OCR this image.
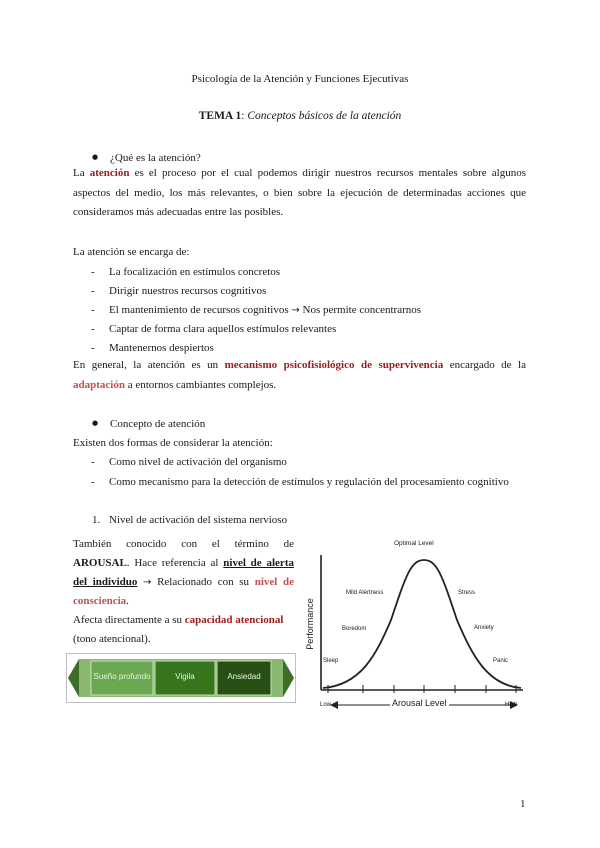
Psicología de la Atención y Funciones Ejecutivas
TEMA 1: Conceptos básicos de la atención
● ¿Qué es la atención?
La atención es el proceso por el cual podemos dirigir nuestros recursos mentales sobre algunos aspectos del medio, los más relevantes, o bien sobre la ejecución de determinadas acciones que consideramos más adecuadas entre las posibles.
La atención se encarga de:
- La focalización en estímulos concretos
- Dirigir nuestros recursos cognitivos
- El mantenimiento de recursos cognitivos → Nos permite concentrarnos
- Captar de forma clara aquellos estímulos relevantes
- Mantenernos despiertos
En general, la atención es un mecanismo psicofisiológico de supervivencia encargado de la adaptación a entornos cambiantes complejos.
● Concepto de atención
Existen dos formas de considerar la atención:
- Como nivel de activación del organismo
- Como mecanismo para la detección de estímulos y regulación del procesamiento cognitivo
1. Nivel de activación del sistema nervioso
También conocido con el término de
AROUSAL. Hace referencia al nivel de alerta
del individuo → Relacionado con su nivel de
consciencia.
Afecta directamente a su capacidad atencional
(tono atencional).
Sueño profundo	Vigila	Ansiedad
Optimal Level
Performance
Sleep
Boredom
Mild Alertness	Stress
Anxiety
Panic
Low	Arousal Level	High
1
